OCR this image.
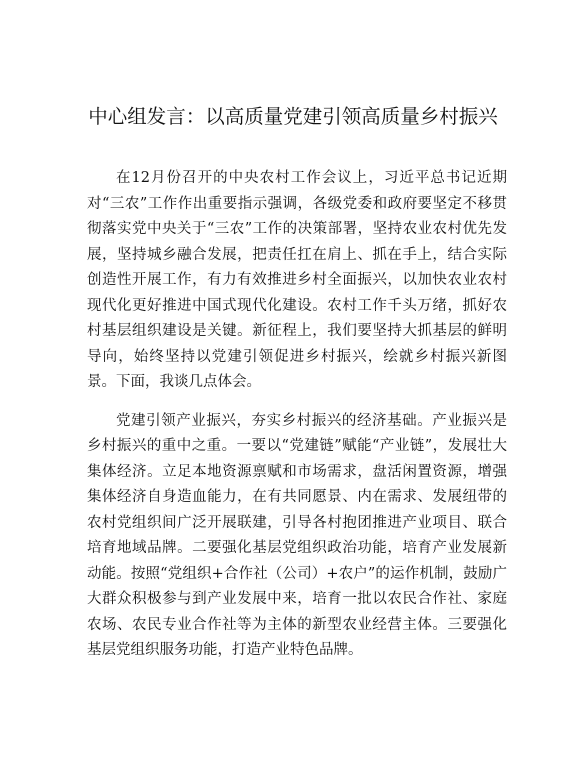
中心组发言：以高质量党建引领高质量乡村振兴

在12月份召开的中央农村工作会议上，习近平总书记近期对“三农”工作作出重要指示强调，各级党委和政府要坚定不移贯彻落实党中央关于“三农”工作的决策部署，坚持农业农村优先发展，坚持城乡融合发展，把责任扛在肩上、抓在手上，结合实际创造性开展工作，有力有效推进乡村全面振兴，以加快农业农村现代化更好推进中国式现代化建设。农村工作千头万绪，抓好农村基层组织建设是关键。新征程上，我们要坚持大抓基层的鲜明导向，始终坚持以党建引领促进乡村振兴，绘就乡村振兴新图景。下面，我谈几点体会。

党建引领产业振兴，夯实乡村振兴的经济基础。产业振兴是乡村振兴的重中之重。一要以“党建链”赋能“产业链”，发展壮大集体经济。立足本地资源禀赋和市场需求，盘活闲置资源，增强集体经济自身造血能力，在有共同愿景、内在需求、发展纽带的农村党组织间广泛开展联建，引导各村抱团推进产业项目、联合培育地域品牌。二要强化基层党组织政治功能，培育产业发展新动能。按照“党组织+合作社（公司）+农户”的运作机制，鼓励广大群众积极参与到产业发展中来，培育一批以农民合作社、家庭农场、农民专业合作社等为主体的新型农业经营主体。三要强化基层党组织服务功能，打造产业特色品牌。
